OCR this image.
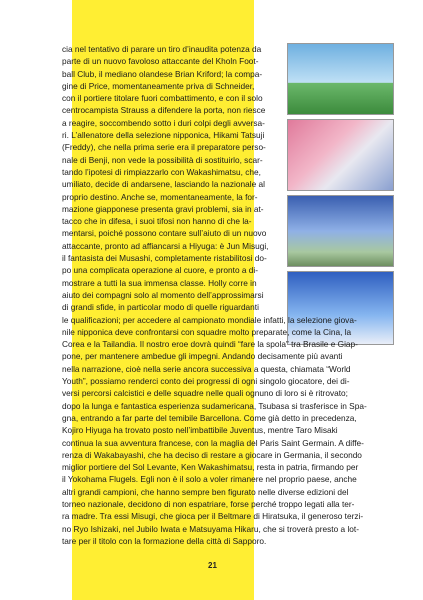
cia nel tentativo di parare un tiro d’inaudita potenza da
parte di un nuovo favoloso attaccante del Kholn Foot-
ball Club, il mediano olandese Brian Kriford; la compa-
gine di Price, momentaneamente priva di Schneider,
con il portiere titolare fuori combattimento, e con il solo
centrocampista Strauss a difendere la porta, non riesce
a reagire, soccombendo sotto i duri colpi degli avversa-
ri. L’allenatore della selezione nipponica, Hikami Tatsuji
(Freddy), che nella prima serie era il preparatore perso-
nale di Benji, non vede la possibilità di sostituirlo, scar-
tando l’ipotesi di rimpiazzarlo con Wakashimatsu, che,
umiliato, decide di andarsene, lasciando la nazionale al
proprio destino. Anche se, momentaneamente, la for-
mazione giapponese presenta gravi problemi, sia in at-
tacco che in difesa, i suoi tifosi non hanno di che la-
mentarsi, poiché possono contare sull’aiuto di un nuovo
attaccante, pronto ad affiancarsi a Hiyuga: è Jun Misugi,
il fantasista dei Musashi, completamente ristabilitosi do-
po una complicata operazione al cuore, e pronto a di-
mostrare a tutti la sua immensa classe. Holly corre in
aiuto dei compagni solo al momento dell’approssimarsi
di grandi sfide, in particolar modo di quelle riguardanti
le qualificazioni; per accedere al campionato mondiale infatti, la selezione giova-
nile nipponica deve confrontarsi con squadre molto preparate, come la Cina, la
Corea e la Tailandia. Il nostro eroe dovrà quindi “fare la spola” tra Brasile e Giap-
pone, per mantenere ambedue gli impegni. Andando decisamente più avanti
nella narrazione, cioè nella serie ancora successiva a questa, chiamata “World
Youth”, possiamo renderci conto dei progressi di ogni singolo giocatore, dei di-
versi percorsi calcistici e delle squadre nelle quali ognuno di loro si è ritrovato;
dopo la lunga e fantastica esperienza sudamericana, Tsubasa si trasferisce in Spa-
gna, entrando a far parte del temibile Barcellona. Come già detto in precedenza,
Kojiro Hiyuga ha trovato posto nell’imbattibile Juventus, mentre Taro Misaki
continua la sua avventura francese, con la maglia del Paris Saint Germain. A diffe-
renza di Wakabayashi, che ha deciso di restare a giocare in Germania, il secondo
miglior portiere del Sol Levante, Ken Wakashimatsu, resta in patria, firmando per
il Yokohama Flugels. Egli non è il solo a voler rimanere nel proprio paese, anche
altri grandi campioni, che hanno sempre ben figurato nelle diverse edizioni del
torneo nazionale, decidono di non espatriare, forse perché troppo legati alla ter-
ra madre. Tra essi Misugi, che gioca per il Beltmare di Hiratsuka, il generoso terzi-
no Ryo Ishizaki, nel Jubilo Iwata e Matsuyama Hikaru, che si troverà presto a lot-
tare per il titolo con la formazione della città di Sapporo.
21
